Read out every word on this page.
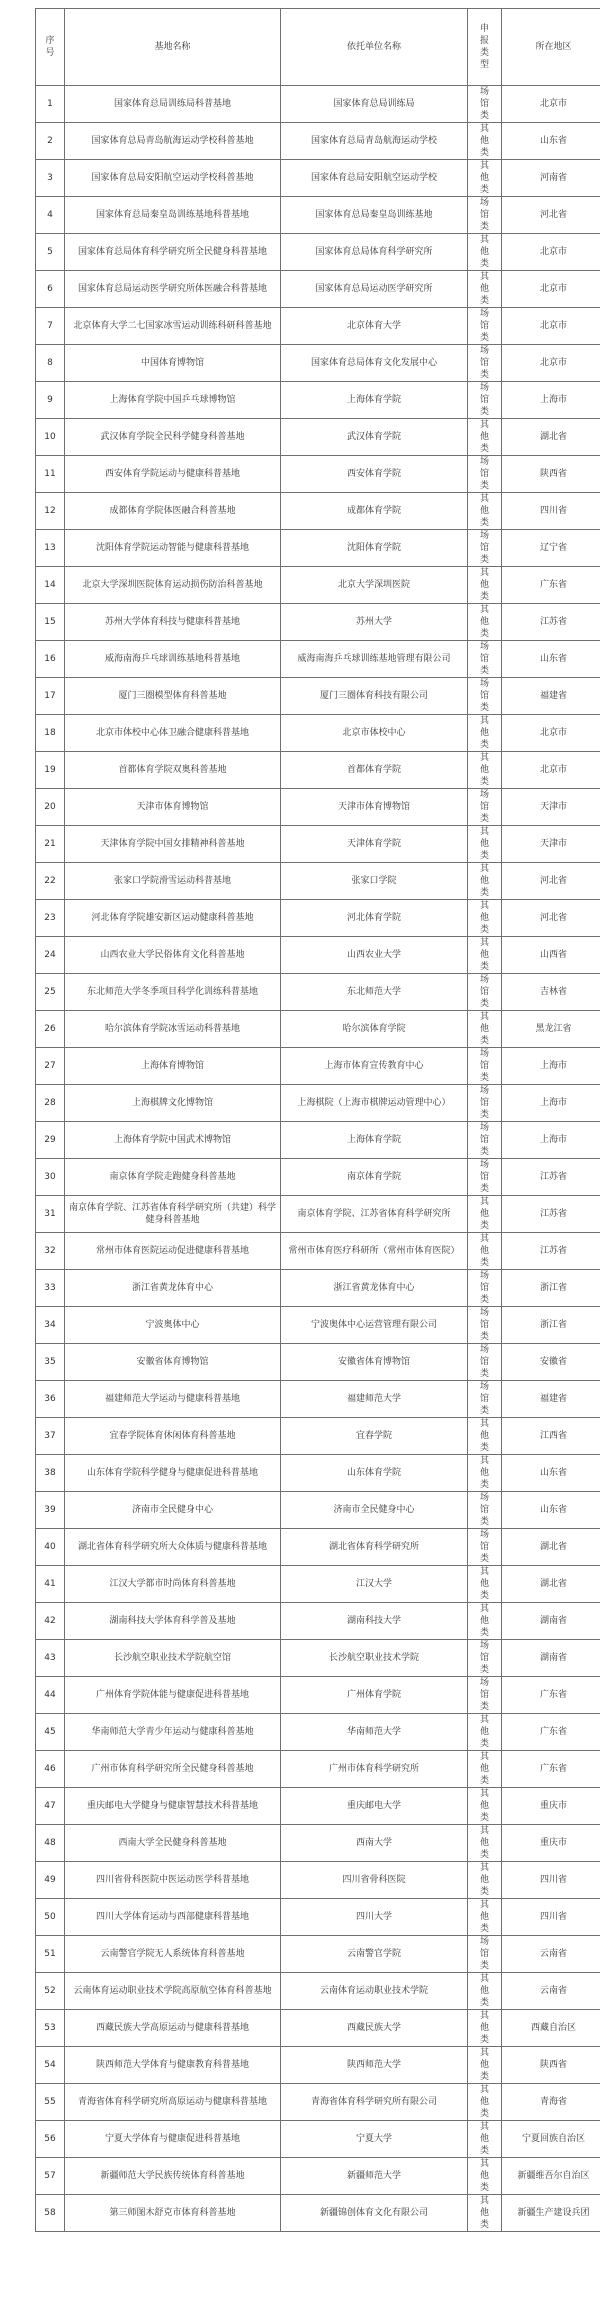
序号	基地名称	依托单位名称	申报类型	所在地区
1	国家体育总局训练局科普基地	国家体育总局训练局	场馆类	北京市
2	国家体育总局青岛航海运动学校科普基地	国家体育总局青岛航海运动学校	其他类	山东省
3	国家体育总局安阳航空运动学校科普基地	国家体育总局安阳航空运动学校	其他类	河南省
4	国家体育总局秦皇岛训练基地科普基地	国家体育总局秦皇岛训练基地	场馆类	河北省
5	国家体育总局体育科学研究所全民健身科普基地	国家体育总局体育科学研究所	其他类	北京市
6	国家体育总局运动医学研究所体医融合科普基地	国家体育总局运动医学研究所	其他类	北京市
7	北京体育大学二七国家冰雪运动训练科研科普基地	北京体育大学	场馆类	北京市
8	中国体育博物馆	国家体育总局体育文化发展中心	场馆类	北京市
9	上海体育学院中国乒乓球博物馆	上海体育学院	场馆类	上海市
10	武汉体育学院全民科学健身科普基地	武汉体育学院	其他类	湖北省
11	西安体育学院运动与健康科普基地	西安体育学院	场馆类	陕西省
12	成都体育学院体医融合科普基地	成都体育学院	其他类	四川省
13	沈阳体育学院运动智能与健康科普基地	沈阳体育学院	场馆类	辽宁省
14	北京大学深圳医院体育运动损伤防治科普基地	北京大学深圳医院	其他类	广东省
15	苏州大学体育科技与健康科普基地	苏州大学	其他类	江苏省
16	威海南海乒乓球训练基地科普基地	威海南海乒乓球训练基地管理有限公司	场馆类	山东省
17	厦门三圈模型体育科普基地	厦门三圈体育科技有限公司	场馆类	福建省
18	北京市体校中心体卫融合健康科普基地	北京市体校中心	其他类	北京市
19	首都体育学院双奥科普基地	首都体育学院	其他类	北京市
20	天津市体育博物馆	天津市体育博物馆	场馆类	天津市
21	天津体育学院中国女排精神科普基地	天津体育学院	其他类	天津市
22	张家口学院滑雪运动科普基地	张家口学院	其他类	河北省
23	河北体育学院雄安新区运动健康科普基地	河北体育学院	其他类	河北省
24	山西农业大学民俗体育文化科普基地	山西农业大学	其他类	山西省
25	东北师范大学冬季项目科学化训练科普基地	东北师范大学	场馆类	吉林省
26	哈尔滨体育学院冰雪运动科普基地	哈尔滨体育学院	其他类	黑龙江省
27	上海体育博物馆	上海市体育宣传教育中心	场馆类	上海市
28	上海棋牌文化博物馆	上海棋院（上海市棋牌运动管理中心）	场馆类	上海市
29	上海体育学院中国武术博物馆	上海体育学院	场馆类	上海市
30	南京体育学院走跑健身科普基地	南京体育学院	场馆类	江苏省
31	南京体育学院、江苏省体育科学研究所（共建）科学健身科普基地	南京体育学院、江苏省体育科学研究所	其他类	江苏省
32	常州市体育医院运动促进健康科普基地	常州市体育医疗科研所（常州市体育医院）	其他类	江苏省
33	浙江省黄龙体育中心	浙江省黄龙体育中心	场馆类	浙江省
34	宁波奥体中心	宁波奥体中心运营管理有限公司	场馆类	浙江省
35	安徽省体育博物馆	安徽省体育博物馆	场馆类	安徽省
36	福建师范大学运动与健康科普基地	福建师范大学	场馆类	福建省
37	宜春学院体育休闲体育科普基地	宜春学院	其他类	江西省
38	山东体育学院科学健身与健康促进科普基地	山东体育学院	其他类	山东省
39	济南市全民健身中心	济南市全民健身中心	场馆类	山东省
40	湖北省体育科学研究所大众体质与健康科普基地	湖北省体育科学研究所	场馆类	湖北省
41	江汉大学都市时尚体育科普基地	江汉大学	其他类	湖北省
42	湖南科技大学体育科学普及基地	湖南科技大学	其他类	湖南省
43	长沙航空职业技术学院航空馆	长沙航空职业技术学院	场馆类	湖南省
44	广州体育学院体能与健康促进科普基地	广州体育学院	场馆类	广东省
45	华南师范大学青少年运动与健康科普基地	华南师范大学	其他类	广东省
46	广州市体育科学研究所全民健身科普基地	广州市体育科学研究所	其他类	广东省
47	重庆邮电大学健身与健康智慧技术科普基地	重庆邮电大学	其他类	重庆市
48	西南大学全民健身科普基地	西南大学	其他类	重庆市
49	四川省骨科医院中医运动医学科普基地	四川省骨科医院	其他类	四川省
50	四川大学体育运动与西部健康科普基地	四川大学	其他类	四川省
51	云南警官学院无人系统体育科普基地	云南警官学院	场馆类	云南省
52	云南体育运动职业技术学院高原航空体育科普基地	云南体育运动职业技术学院	其他类	云南省
53	西藏民族大学高原运动与健康科普基地	西藏民族大学	其他类	西藏自治区
54	陕西师范大学体育与健康教育科普基地	陕西师范大学	其他类	陕西省
55	青海省体育科学研究所高原运动与健康科普基地	青海省体育科学研究所有限公司	其他类	青海省
56	宁夏大学体育与健康促进科普基地	宁夏大学	其他类	宁夏回族自治区
57	新疆师范大学民族传统体育科普基地	新疆师范大学	其他类	新疆维吾尔自治区
58	第三师图木舒克市体育科普基地	新疆锦创体育文化有限公司	其他类	新疆生产建设兵团
